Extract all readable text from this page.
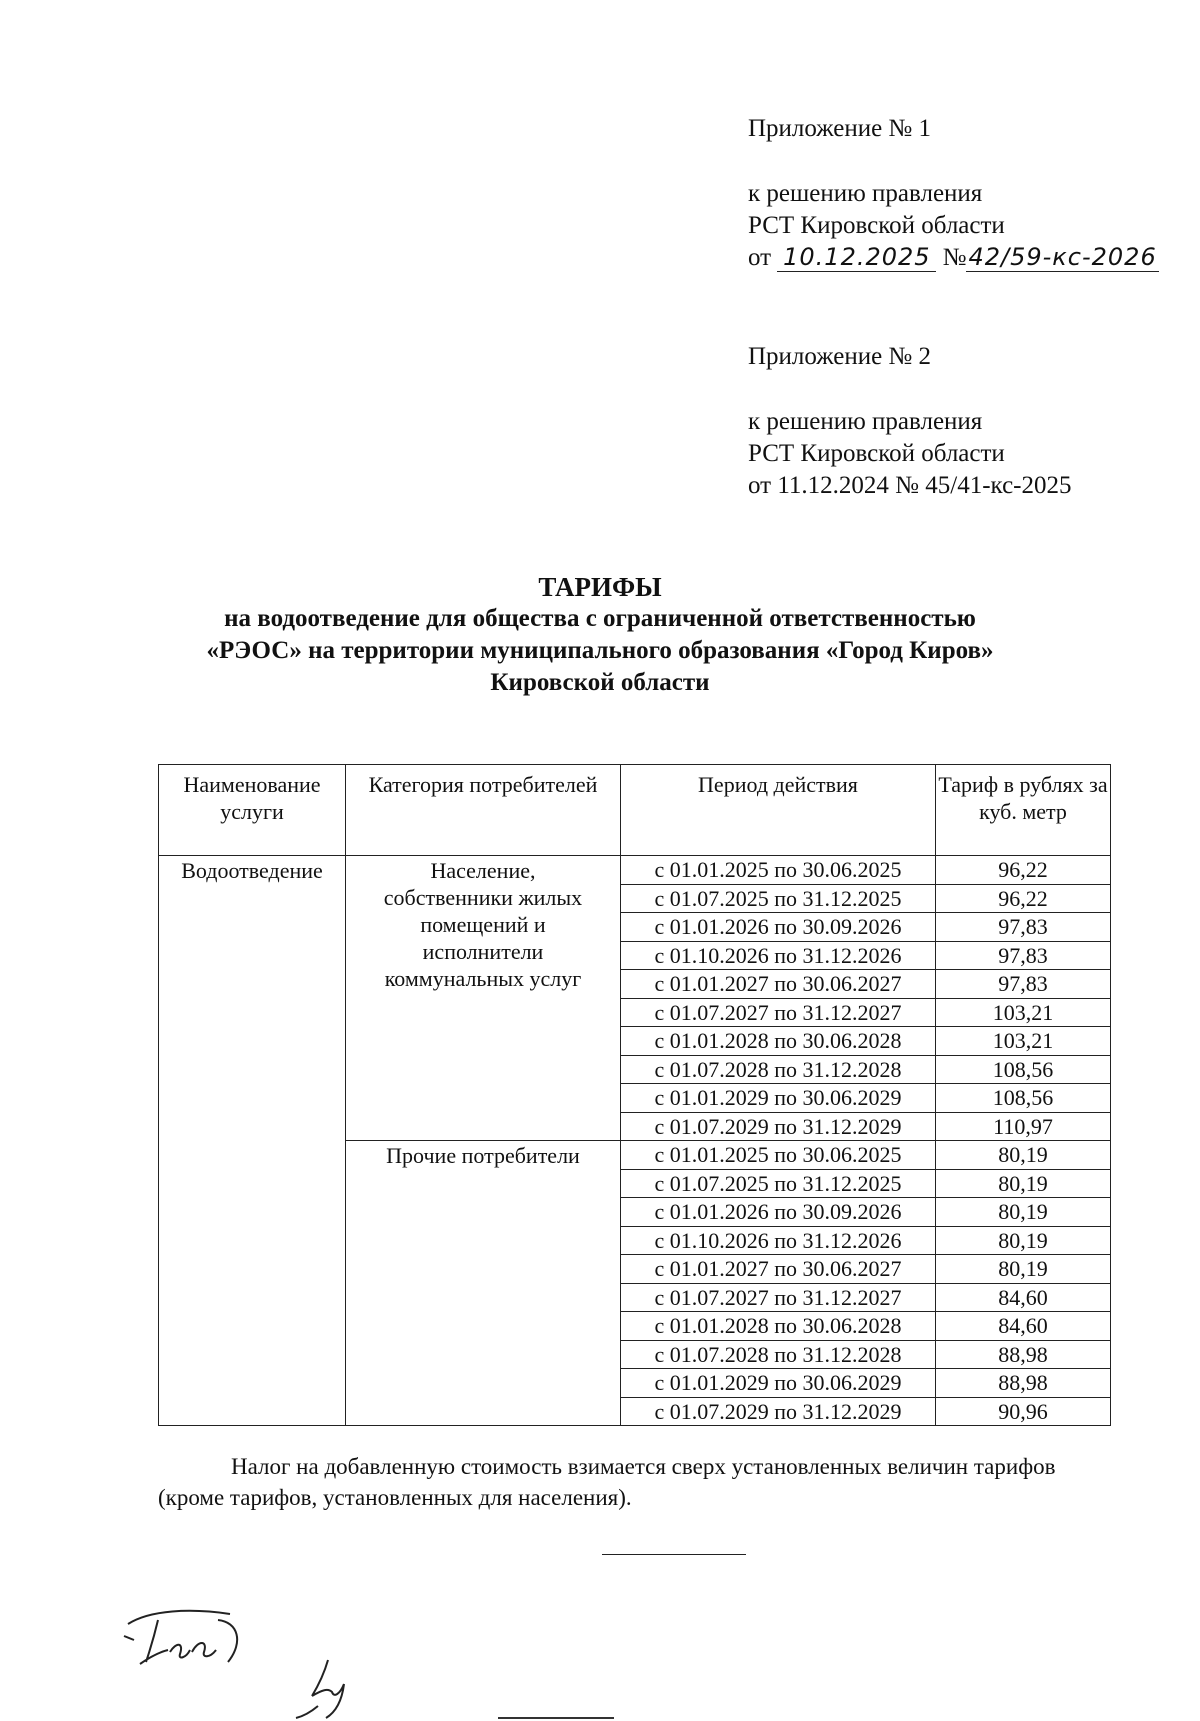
Приложение № 1
к решению правления
РСТ Кировской области
от 10.12.2025 №42/59-кс-2026
Приложение № 2
к решению правления
РСТ Кировской области
от 11.12.2024 № 45/41-кс-2025
ТАРИФЫ
на водоотведение для общества с ограниченной ответственностью
«РЭОС» на территории муниципального образования «Город Киров»
Кировской области
Наименование услуги	Категория потребителей	Период действия	Тариф в рублях за куб. метр
Водоотведение	Население, собственники жилых помещений и исполнители коммунальных услуг	с 01.01.2025 по 30.06.2025	96,22
		с 01.07.2025 по 31.12.2025	96,22
		с 01.01.2026 по 30.09.2026	97,83
		с 01.10.2026 по 31.12.2026	97,83
		с 01.01.2027 по 30.06.2027	97,83
		с 01.07.2027 по 31.12.2027	103,21
		с 01.01.2028 по 30.06.2028	103,21
		с 01.07.2028 по 31.12.2028	108,56
		с 01.01.2029 по 30.06.2029	108,56
		с 01.07.2029 по 31.12.2029	110,97
	Прочие потребители	с 01.01.2025 по 30.06.2025	80,19
		с 01.07.2025 по 31.12.2025	80,19
		с 01.01.2026 по 30.09.2026	80,19
		с 01.10.2026 по 31.12.2026	80,19
		с 01.01.2027 по 30.06.2027	80,19
		с 01.07.2027 по 31.12.2027	84,60
		с 01.01.2028 по 30.06.2028	84,60
		с 01.07.2028 по 31.12.2028	88,98
		с 01.01.2029 по 30.06.2029	88,98
		с 01.07.2029 по 31.12.2029	90,96
Налог на добавленную стоимость взимается сверх установленных величин тарифов (кроме тарифов, установленных для населения).
